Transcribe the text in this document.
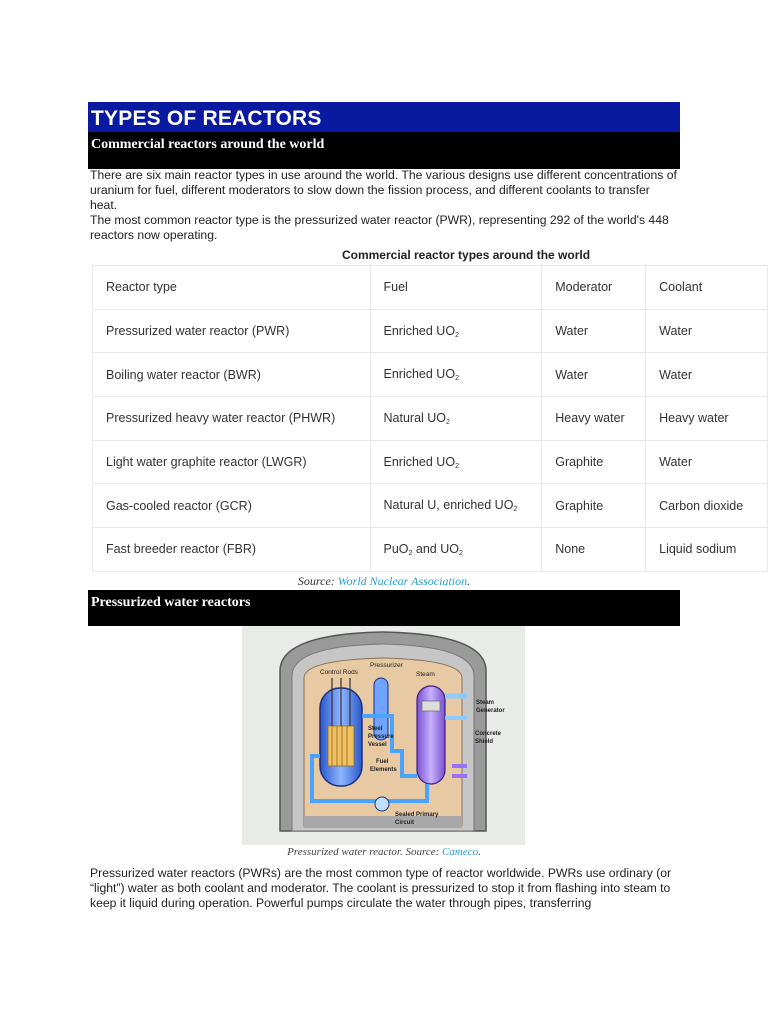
TYPES OF REACTORS
Commercial reactors around the world

There are six main reactor types in use around the world. The various designs use different concentrations of uranium for fuel, different moderators to slow down the fission process, and different coolants to transfer heat.

The most common reactor type is the pressurized water reactor (PWR), representing 292 of the world's 448 reactors now operating.

Commercial reactor types around the world
Reactor type	Fuel	Moderator	Coolant
Pressurized water reactor (PWR)	Enriched $UO_2$	Water	Water
Boiling water reactor (BWR)	Enriched $UO_2$	Water	Water
Pressurized heavy water reactor (PHWR)	Natural $UO_2$	Heavy water	Heavy water
Light water graphite reactor (LWGR)	Enriched $UO_2$	Graphite	Water
Gas-cooled reactor (GCR)	Natural U, enriched $UO_2$	Graphite	Carbon dioxide
Fast breeder reactor (FBR)	PuO$_2$ and $UO_2$	None	Liquid sodium
Source: World Nuclear Association.
Pressurized water reactors
Control Rods
Pressurizer
Steam
Steam
Generator
Concrete
Shield
Steel
Pressure
Vessel
Fuel
Elements
Sealed Primary
Circuit
Pressurized water reactor. Source: Cameco.

Pressurized water reactors (PWRs) are the most common type of reactor worldwide. PWRs use ordinary (or “light”) water as both coolant and moderator. The coolant is pressurized to stop it from flashing into steam to keep it liquid during operation. Powerful pumps circulate the water through pipes, transferring
